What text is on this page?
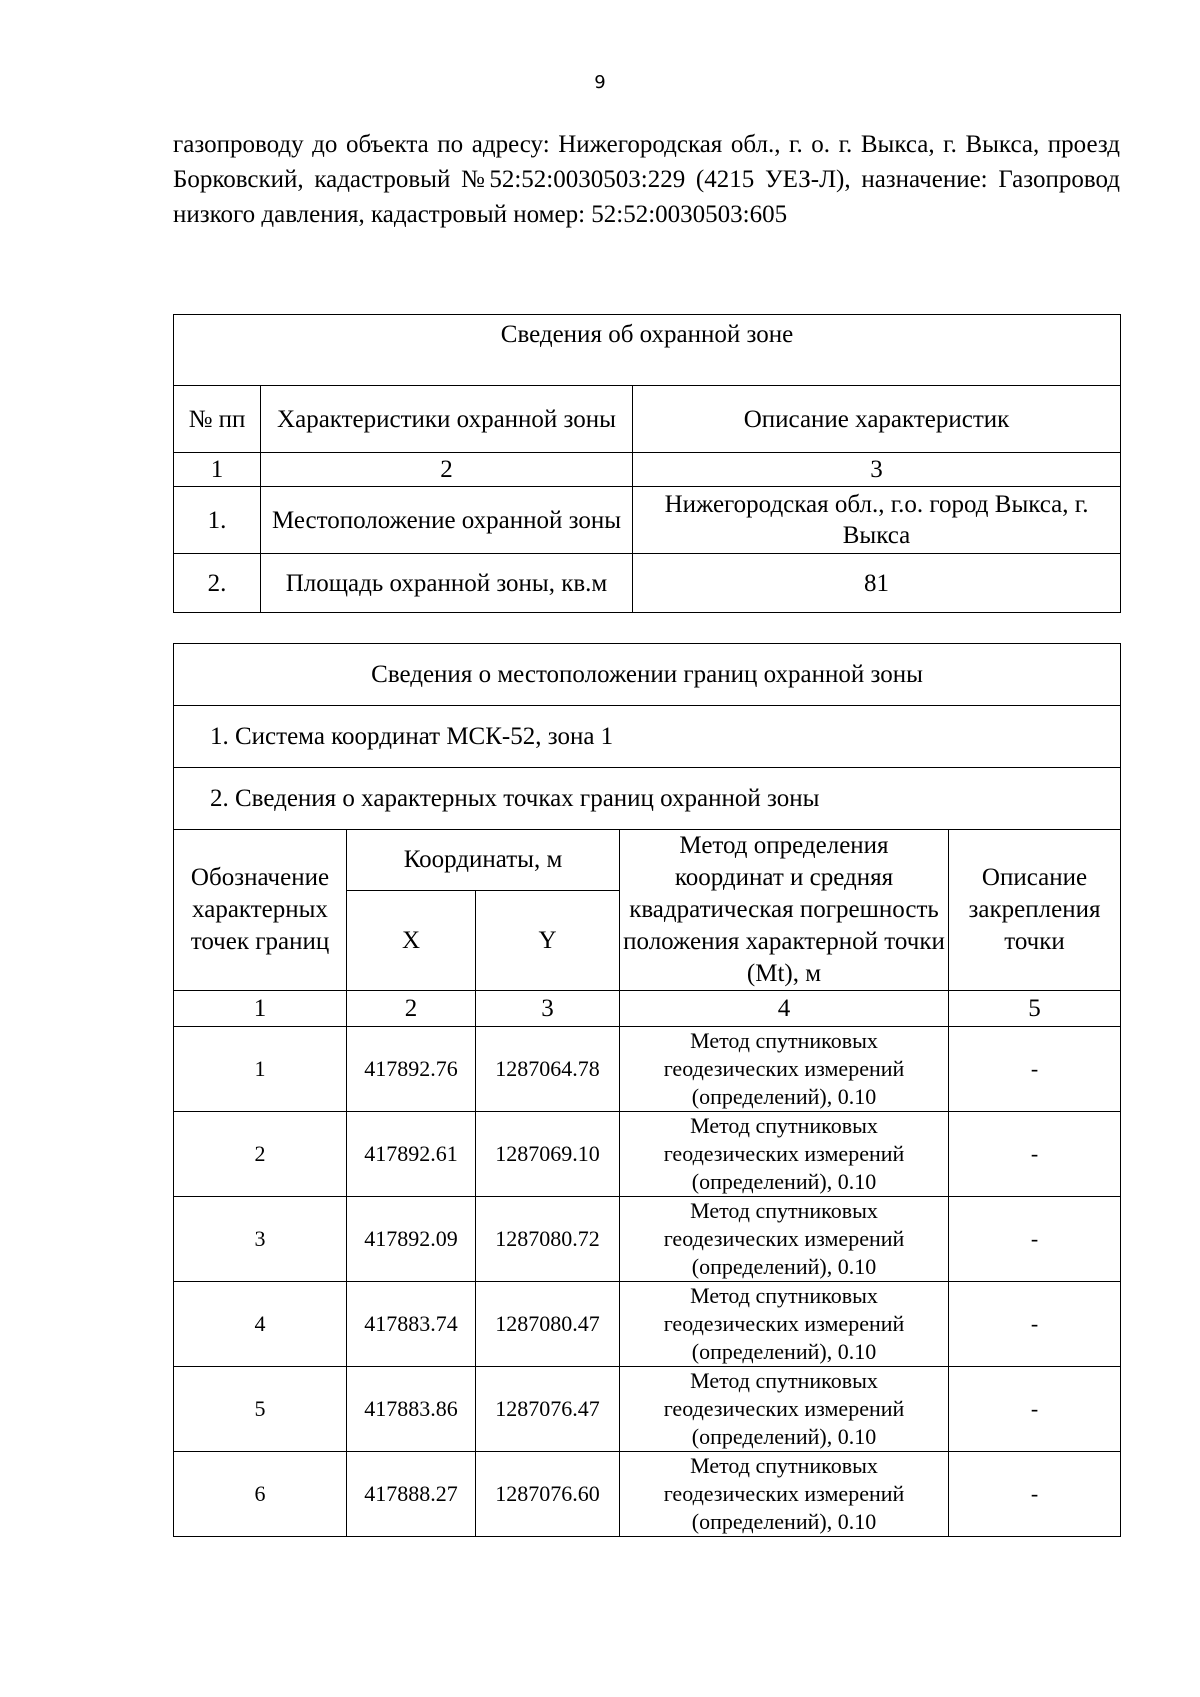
9
газопроводу до объекта по адресу: Нижегородская обл., г. о. г. Выкса, г. Выкса, проезд Борковский, кадастровый №52:52:0030503:229 (4215 УЕЗ-Л), назначение: Газопровод низкого давления, кадастровый номер: 52:52:0030503:605
Сведения об охранной зоне		
№ пп	Характеристики охранной зоны	Описание характеристик
1	2	3
1.	Местоположение охранной зоны	Нижегородская обл., г.о. город Выкса, г. Выкса
2.	Площадь охранной зоны, кв.м	81
Сведения о местоположении границ охранной зоны				
1. Система координат МСК-52, зона 1				
2. Сведения о характерных точках границ охранной зоны				
Обозначение характерных точек границ	Координаты, м		Метод определения координат и средняя квадратическая погрешность положения характерной точки (Mt), м	Описание закрепления точки
	X	Y		
1	2	3	4	5
1	417892.76	1287064.78	Метод спутниковых геодезических измерений (определений), 0.10	-
2	417892.61	1287069.10	Метод спутниковых геодезических измерений (определений), 0.10	-
3	417892.09	1287080.72	Метод спутниковых геодезических измерений (определений), 0.10	-
4	417883.74	1287080.47	Метод спутниковых геодезических измерений (определений), 0.10	-
5	417883.86	1287076.47	Метод спутниковых геодезических измерений (определений), 0.10	-
6	417888.27	1287076.60	Метод спутниковых геодезических измерений (определений), 0.10	-
